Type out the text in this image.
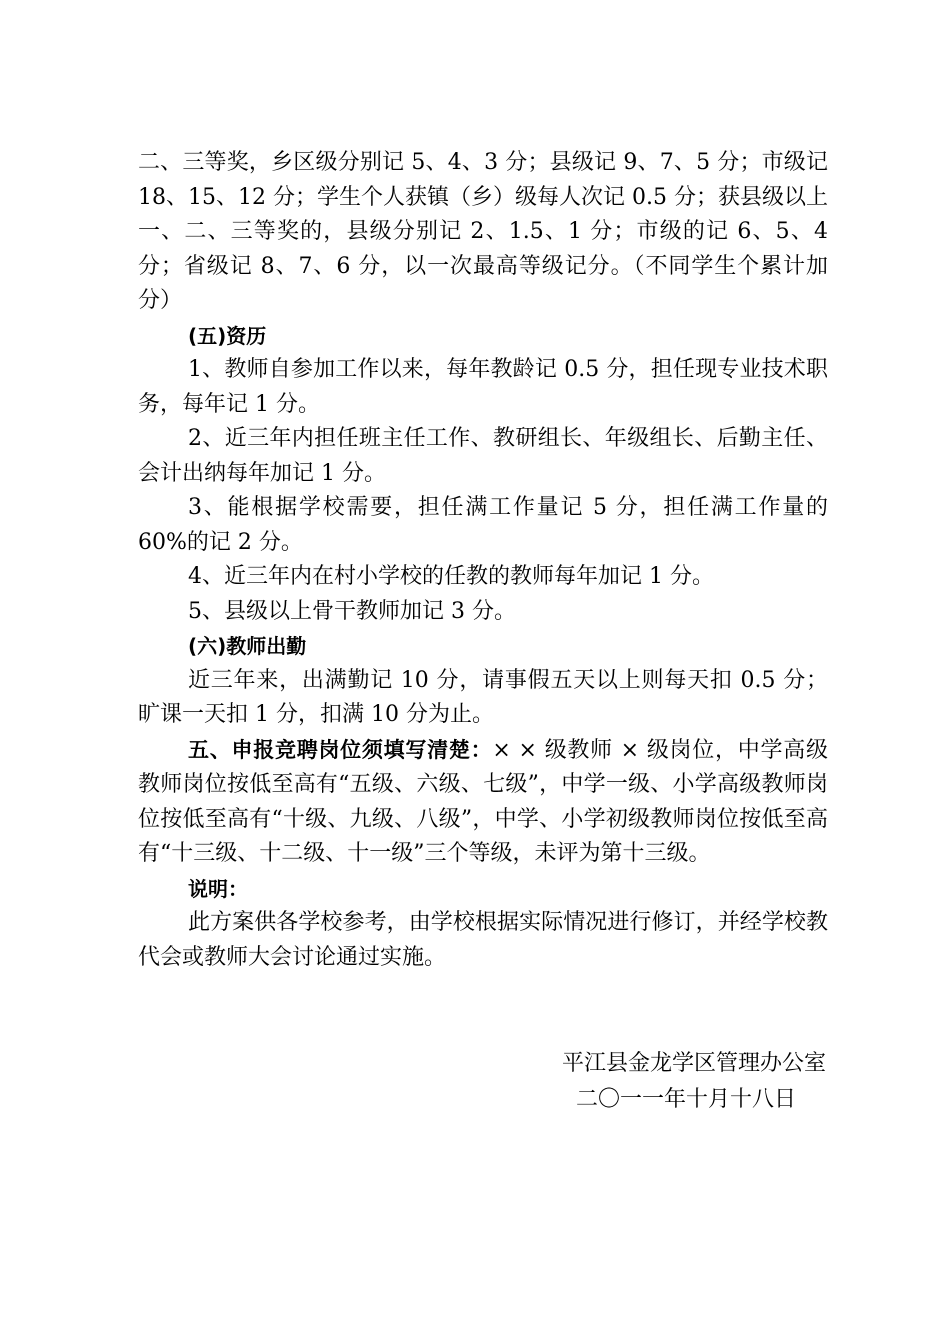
二、三等奖，乡区级分别记 5、4、3 分；县级记 9、7、5 分；市级记 18、15、12 分；学生个人获镇（乡）级每人次记 0.5 分；获县级以上一、二、三等奖的，县级分别记 2、1.5、1 分；市级的记 6、5、4 分；省级记 8、7、6 分，以一次最高等级记分。（不同学生个累计加分）

(五)资历

1、教师自参加工作以来，每年教龄记 0.5 分，担任现专业技术职务，每年记 1 分。

2、近三年内担任班主任工作、教研组长、年级组长、后勤主任、会计出纳每年加记 1 分。

3、能根据学校需要，担任满工作量记 5 分，担任满工作量的 60%的记 2 分。

4、近三年内在村小学校的任教的教师每年加记 1 分。

5、县级以上骨干教师加记 3 分。

(六)教师出勤

近三年来，出满勤记 10 分，请事假五天以上则每天扣 0.5 分；旷课一天扣 1 分，扣满 10 分为止。

五、申报竞聘岗位须填写清楚：× × 级教师 × 级岗位，中学高级教师岗位按低至高有“五级、六级、七级”，中学一级、小学高级教师岗位按低至高有“十级、九级、八级”，中学、小学初级教师岗位按低至高有“十三级、十二级、十一级”三个等级，未评为第十三级。

说明：

此方案供各学校参考，由学校根据实际情况进行修订，并经学校教代会或教师大会讨论通过实施。

平江县金龙学区管理办公室
二〇一一年十月十八日
